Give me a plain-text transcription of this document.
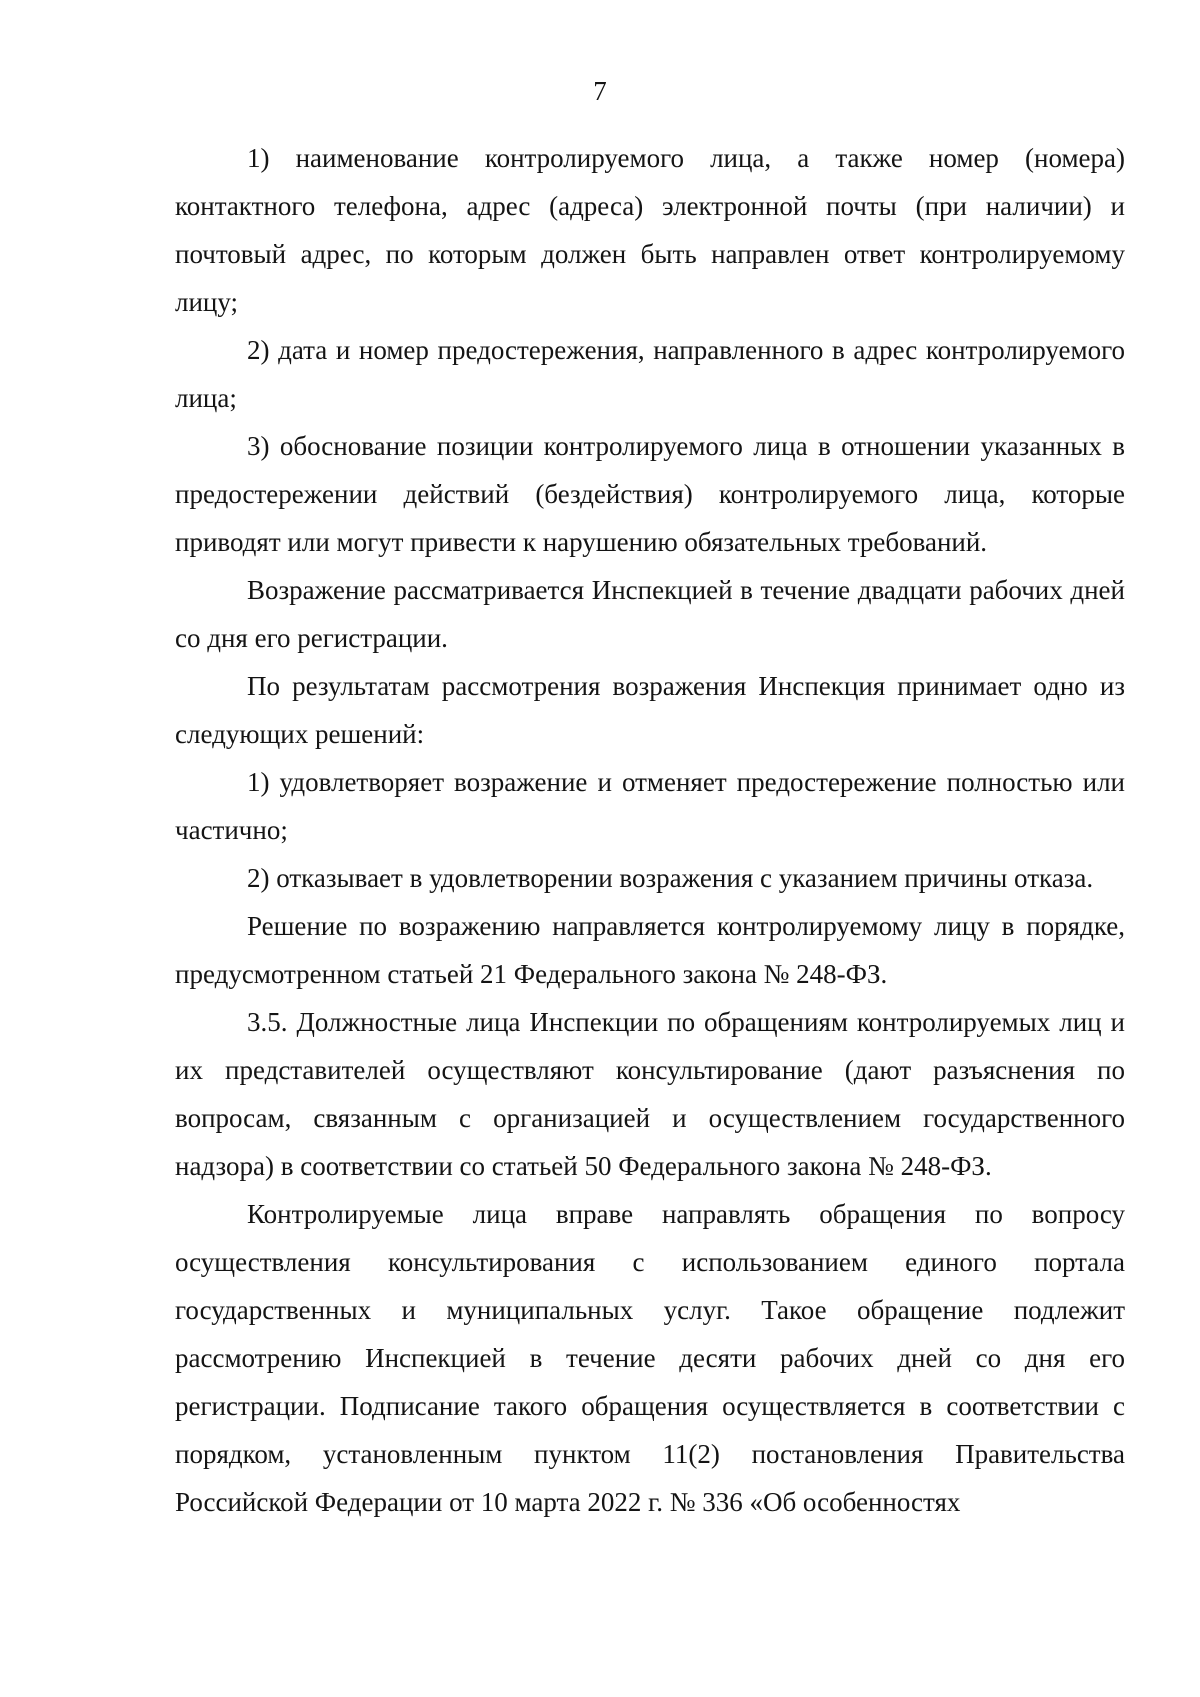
7

1) наименование контролируемого лица, а также номер (номера) контактного телефона, адрес (адреса) электронной почты (при наличии) и почтовый адрес, по которым должен быть направлен ответ контролируемому лицу;

2) дата и номер предостережения, направленного в адрес контролируемого лица;

3) обоснование позиции контролируемого лица в отношении указанных в предостережении действий (бездействия) контролируемого лица, которые приводят или могут привести к нарушению обязательных требований.

Возражение рассматривается Инспекцией в течение двадцати рабочих дней со дня его регистрации.

По результатам рассмотрения возражения Инспекция принимает одно из следующих решений:

1) удовлетворяет возражение и отменяет предостережение полностью или частично;

2) отказывает в удовлетворении возражения с указанием причины отказа.

Решение по возражению направляется контролируемому лицу в порядке, предусмотренном статьей 21 Федерального закона № 248-ФЗ.

3.5. Должностные лица Инспекции по обращениям контролируемых лиц и их представителей осуществляют консультирование (дают разъяснения по вопросам, связанным с организацией и осуществлением государственного надзора) в соответствии со статьей 50 Федерального закона № 248-ФЗ.

Контролируемые лица вправе направлять обращения по вопросу осуществления консультирования с использованием единого портала государственных и муниципальных услуг. Такое обращение подлежит рассмотрению Инспекцией в течение десяти рабочих дней со дня его регистрации. Подписание такого обращения осуществляется в соответствии с порядком, установленным пунктом 11(2) постановления Правительства Российской Федерации от 10 марта 2022 г. № 336 «Об особенностях
